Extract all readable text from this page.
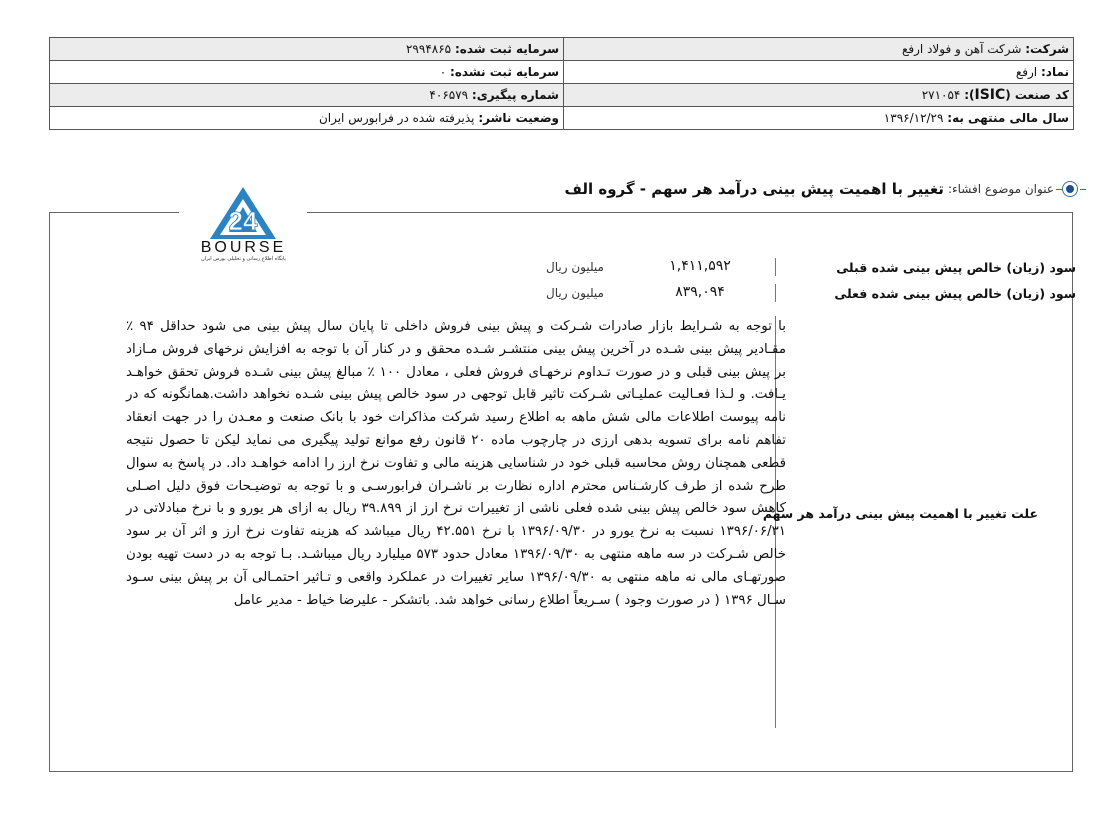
شرکت: شرکت آهن و فولاد ارفع	سرمایه ثبت شده: ۲۹۹۴۸۶۵
نماد: ارفع	سرمایه ثبت نشده: ۰
کد صنعت (ISIC): ۲۷۱۰۵۴	شماره پیگیری: ۴۰۶۵۷۹
سال مالی منتهی به: ۱۳۹۶/۱۲/۲۹	وضعیت ناشر: پذیرفته شده در فرابورس ایران
عنوان موضوع افشاء:
تغییر با اهمیت پیش بینی درآمد هر سهم - گروه الف
24
BOURSE
پایگاه اطلاع رسانی و تحلیلی بورس ایران
سود (زیان) خالص پیش بینی شده قبلی
۱,۴۱۱,۵۹۲
میلیون ریال
سود (زیان) خالص پیش بینی شده فعلی
۸۳۹,۰۹۴
میلیون ریال
علت تغییر با اهمیت پیش بینی درآمد هر سهم
با توجه به شـرایط بازار صادرات شـرکت و پیش بینی فروش داخلی تا پایان سال پیش بینی می شود حداقل ۹۴ ٪ مقـادیر پیش بینی شـده در آخرین پیش بینی منتشـر شـده محقق و در کنار آن با توجه به افزایش نرخهای فروش مـازاد بر پیش بینی قبلی و در صورت تـداوم نرخهـای فروش فعلی ، معادل ۱۰۰ ٪ مبالغ پیش بینی شـده فروش تحقق خواهـد یـافت. و لـذا فعـالیت عملیـاتی شـرکت تاثیر قابل توجهی در سود خالص پیش بینی شـده نخواهد داشت.همانگونه که در نامه پیوست اطلاعات مالی شش ماهه به اطلاع رسید شرکت مذاکرات خود با بانک صنعت و معـدن را در جهت انعقاد تفاهم نامه برای تسویه بدهی ارزی در چارچوب ماده ۲۰ قانون رفع موانع تولید پیگیری می نماید لیکن تا حصول نتیجه قطعی همچنان روش محاسبه قبلی خود در شناسایی هزینه مالی و تفاوت نرخ ارز را ادامه خواهـد داد. در پاسخ به سوال طرح شده از طرف کارشـناس محترم اداره نظارت بر ناشـران فرابورسـی و با توجه به توضیـحات فوق دلیل اصـلی کاهش سود خالص پیش بینی شده فعلی ناشی از تغییرات نرخ ارز از ۳۹.۸۹۹ ریال به ازای هر یورو و با نرخ مبادلاتی در ۱۳۹۶/۰۶/۳۱ نسبت به نرخ یورو در ۱۳۹۶/۰۹/۳۰ با نرخ ۴۲.۵۵۱ ریال میباشد که هزینه تفاوت نرخ ارز و اثر آن بر سود خالص شـرکت در سه ماهه منتهی به ۱۳۹۶/۰۹/۳۰ معادل حدود ۵۷۳ میلیارد ریال میباشـد. بـا توجه به در دست تهیه بودن صورتهـای مالی نه ماهه منتهی به ۱۳۹۶/۰۹/۳۰ سایر تغییرات در عملکرد واقعی و تـاثیر احتمـالی آن بر پیش بینی سـود سـال ۱۳۹۶ ( در صورت وجود ) سـریعاً اطلاع رسانی خواهد شد. باتشکر - علیرضا خیاط - مدیر عامل
